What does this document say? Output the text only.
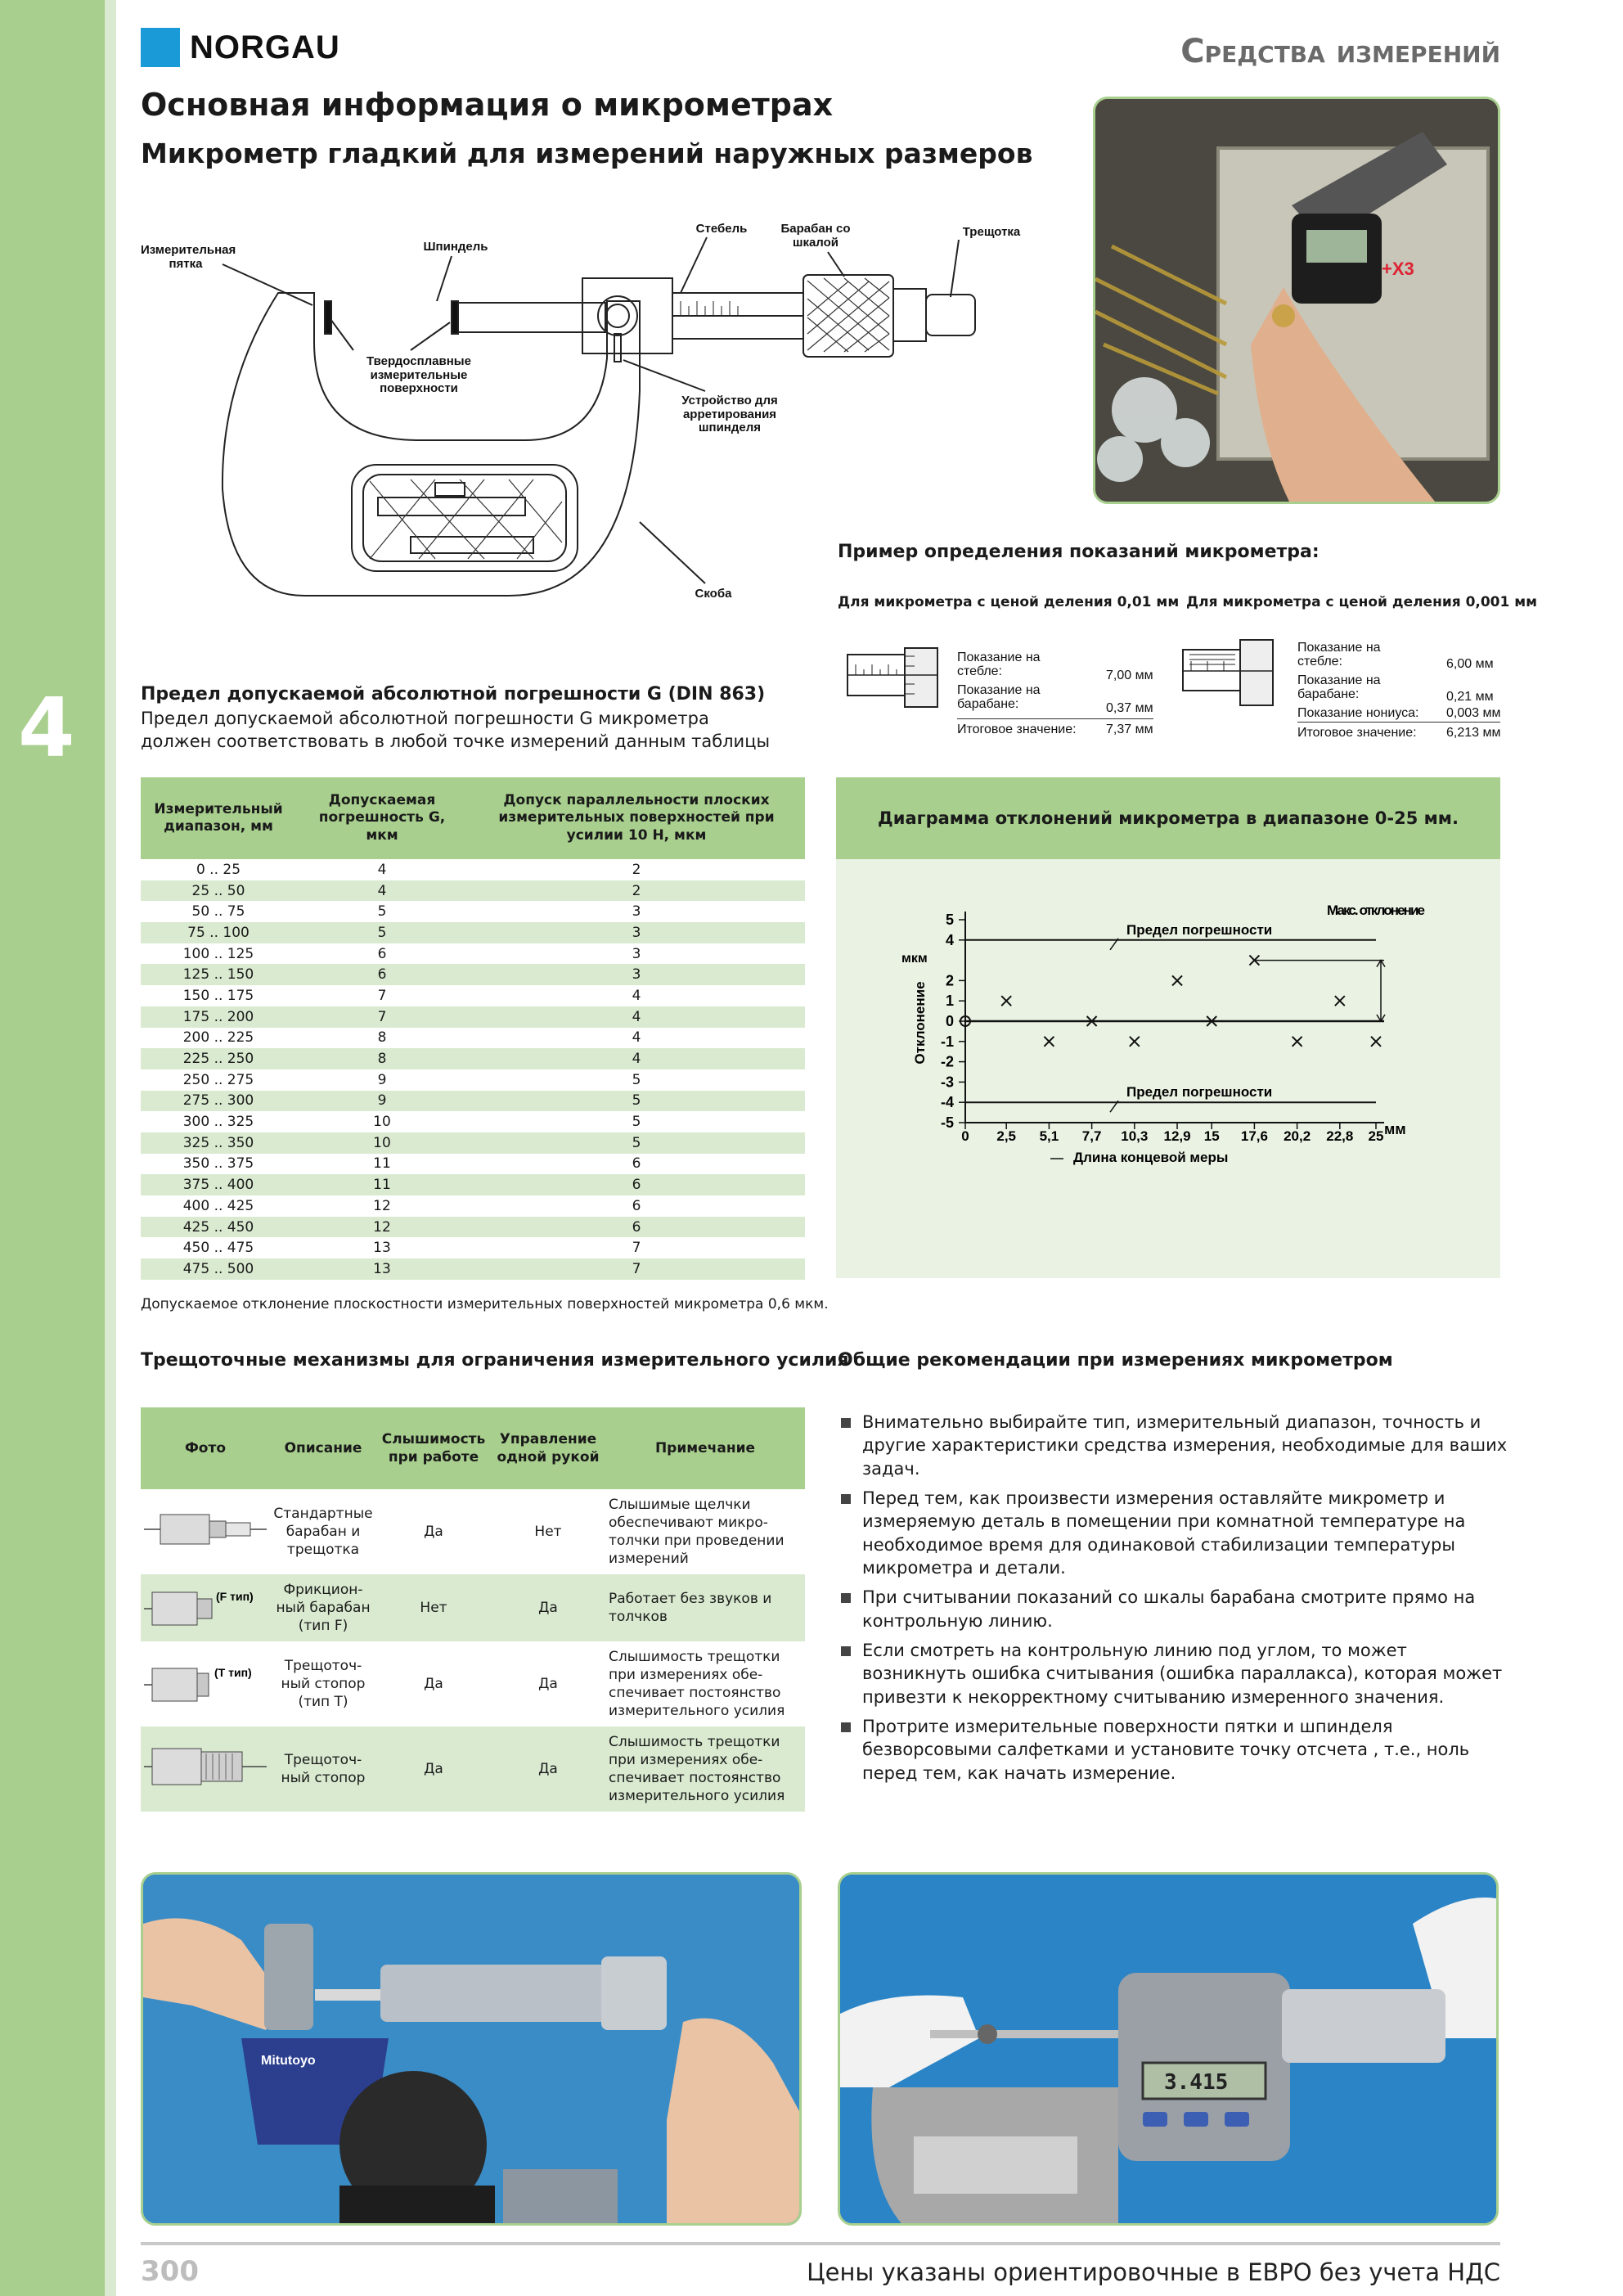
4
NORGAU	Средства измерений
Основная информация о микрометрах
Микрометр гладкий для измерений наружных размеров
+X3
Измерительная пятка
Шпиндель
Стебель	Барабан со шкалой
Трещотка
Твердосплавные измерительные поверхности
Устройство для арретирования шпинделя
Скоба
Пример определения показаний микрометра:
Для микрометра с ценой деления 0,01 мм Для микрометра с ценой деления 0,001 мм
Показание на стебле:	7,00 мм
Показание на барабане:	0,37 мм
Итоговое значение: 7,37 мм
Показание на стебле:	6,00 мм
Показание на барабане:	0,21 мм
Показание нониуса: 0,003 мм
Итоговое значение: 6,213 мм
Предел допускаемой абсолютной погрешности G (DIN 863)
Предел допускаемой абсолютной погрешности G микрометра должен соответствовать в любой точке измерений данным таблицы
Измерительный диапазон, мм	Допускаемая погрешность G, мкм	Допуск параллельности плоских измерительных поверхностей при усилии 10 Н, мкм
0 .. 25	4	2
25 .. 50	4	2
50 .. 75	5	3
75 .. 100	5	3
100 .. 125	6	3
125 .. 150	6	3
150 .. 175	7	4
175 .. 200	7	4
200 .. 225	8	4
225 .. 250	8	4
250 .. 275	9	5
275 .. 300	9	5
300 .. 325	10	5
325 .. 350	10	5
350 .. 375	11	6
375 .. 400	11	6
400 .. 425	12	6
425 .. 450	12	6
450 .. 475	13	7
475 .. 500	13	7
Допускаемое отклонение плоскостности измерительных поверхностей микрометра 0,6 мкм.
Диаграмма отклонений микрометра в диапазоне 0-25 мм.
5
4
2
1
0
-1
-2
-3
-4
-5
0 2,5 5,1 7,7 10,3 12,9 15 17,6 20,2 22,8 25
Отклонение
мкм
мм
Длина концевой меры
Предел погрешности
Предел погрешности
Макс. отклонение
Трещоточные механизмы для ограничения измерительного усилия
Фото	Описание	Слышимость при работе	Управление одной рукой	Примечание

	Стандартные барабан и трещотка	Да	Нет	Слышимые щелчки обеспечивают микро-толчки при проведении измерений

(F тип)	Фрикцион-ный барабан (тип F)	Нет	Да	Работает без звуков и толчков

(T тип)	Трещоточ-ный стопор (тип T)	Да	Да	Слышимость трещотки при измерениях обе-спечивает постоянство измерительного усилия

	Трещоточ-ный стопор	Да	Да	Слышимость трещотки при измерениях обе-спечивает постоянство измерительного усилия
Общие рекомендации при измерениях микрометром
Внимательно выбирайте тип, измерительный диапазон, точность и другие характеристики средства измерения, необходимые для ваших задач.
Перед тем, как произвести измерения оставляйте микрометр и измеряемую деталь в помещении при комнатной температуре на необходимое время для одинаковой стабилизации температуры микрометра и детали.
При считывании показаний со шкалы барабана смотрите прямо на контрольную линию.
Если смотреть на контрольную линию под углом, то может возникнуть ошибка считывания (ошибка параллакса), которая может привезти к некорректному считыванию измеренного значения.
Протрите измерительные поверхности пятки и шпинделя безворсовыми салфетками и установите точку отсчета , т.е., ноль перед тем, как начать измерение.
Mitutoyo
3.415
300	Цены указаны ориентировочные в ЕВРО без учета НДС
